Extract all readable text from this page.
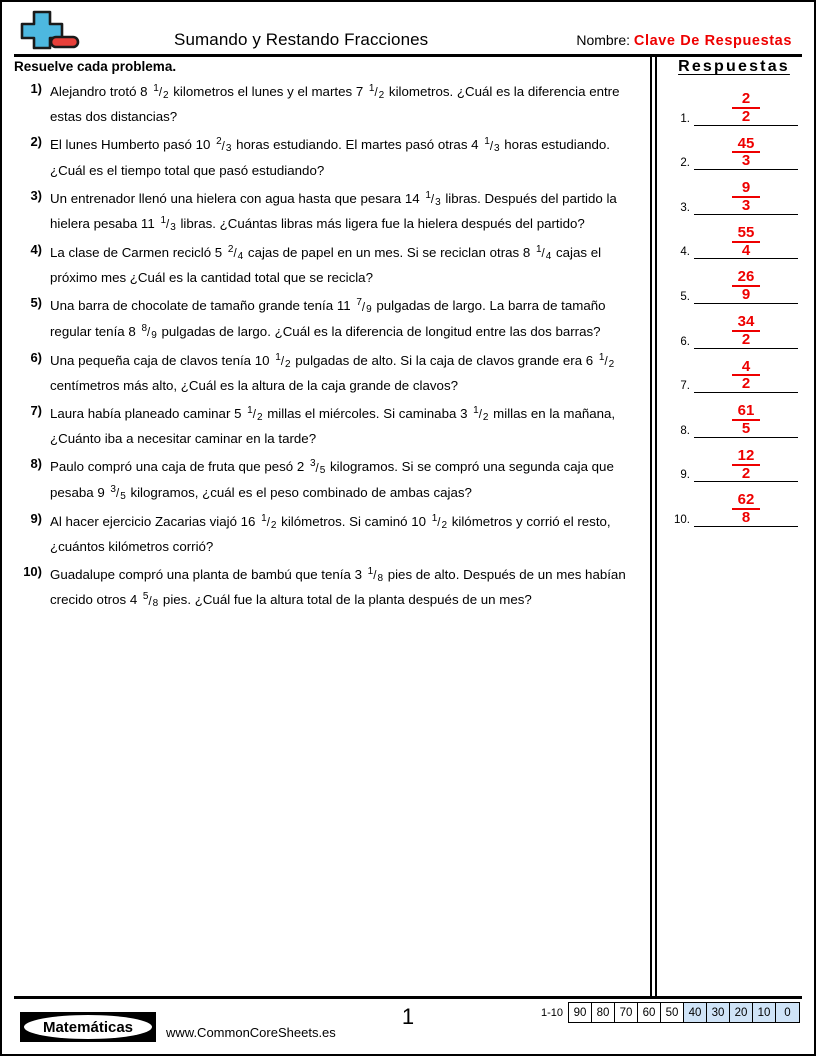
Sumando y Restando Fracciones	Nombre: Clave De Respuestas
Resuelve cada problema.
1) Alejandro trotó 8 $^1$/2 kilometros el lunes y el martes 7 $^1$/2 kilometros. ¿Cuál es la diferencia entre estas dos distancias?
2) El lunes Humberto pasó 10 $^2$/3 horas estudiando. El martes pasó otras 4 $^1$/3 horas estudiando. ¿Cuál es el tiempo total que pasó estudiando?
3) Un entrenador llenó una hielera con agua hasta que pesara 14 $^1$/3 libras. Después del partido la hielera pesaba 11 $^1$/3 libras. ¿Cuántas libras más ligera fue la hielera después del partido?
4) La clase de Carmen recicló 5 $^2$/4 cajas de papel en un mes. Si se reciclan otras 8 $^1$/4 cajas el próximo mes ¿Cuál es la cantidad total que se recicla?
5) Una barra de chocolate de tamaño grande tenía 11 $^7$/9 pulgadas de largo. La barra de tamaño regular tenía 8 $^8$/9 pulgadas de largo. ¿Cuál es la diferencia de longitud entre las dos barras?
6) Una pequeña caja de clavos tenía 10 $^1$/2 pulgadas de alto. Si la caja de clavos grande era 6 $^1$/2 centímetros más alto, ¿Cuál es la altura de la caja grande de clavos?
7) Laura había planeado caminar 5 $^1$/2 millas el miércoles. Si caminaba 3 $^1$/2 millas en la mañana, ¿Cuánto iba a necesitar caminar en la tarde?
8) Paulo compró una caja de fruta que pesó 2 $^3$/5 kilogramos. Si se compró una segunda caja que pesaba 9 $^3$/5 kilogramos, ¿cuál es el peso combinado de ambas cajas?
9) Al hacer ejercicio Zacarias viajó 16 $^1$/2 kilómetros. Si caminó 10 $^1$/2 kilómetros y corrió el resto, ¿cuántos kilómetros corrió?
10) Guadalupe compró una planta de bambú que tenía 3 $^1$/8 pies de alto. Después de un mes habían crecido otros 4 $^5$/8 pies. ¿Cuál fue la altura total de la planta después de un mes?
Respuestas
1. $\frac{2}{2}$
2. $\frac{45}{3}$
3. $\frac{9}{3}$
4. $\frac{55}{4}$
5. $\frac{26}{9}$
6. $\frac{34}{2}$
7. $\frac{4}{2}$
8. $\frac{61}{5}$
9. $\frac{12}{2}$
10. $\frac{62}{8}$
Matemáticas	www.CommonCoreSheets.es
1	1-10 90 80 70 60 50 40 30 20 10	0
